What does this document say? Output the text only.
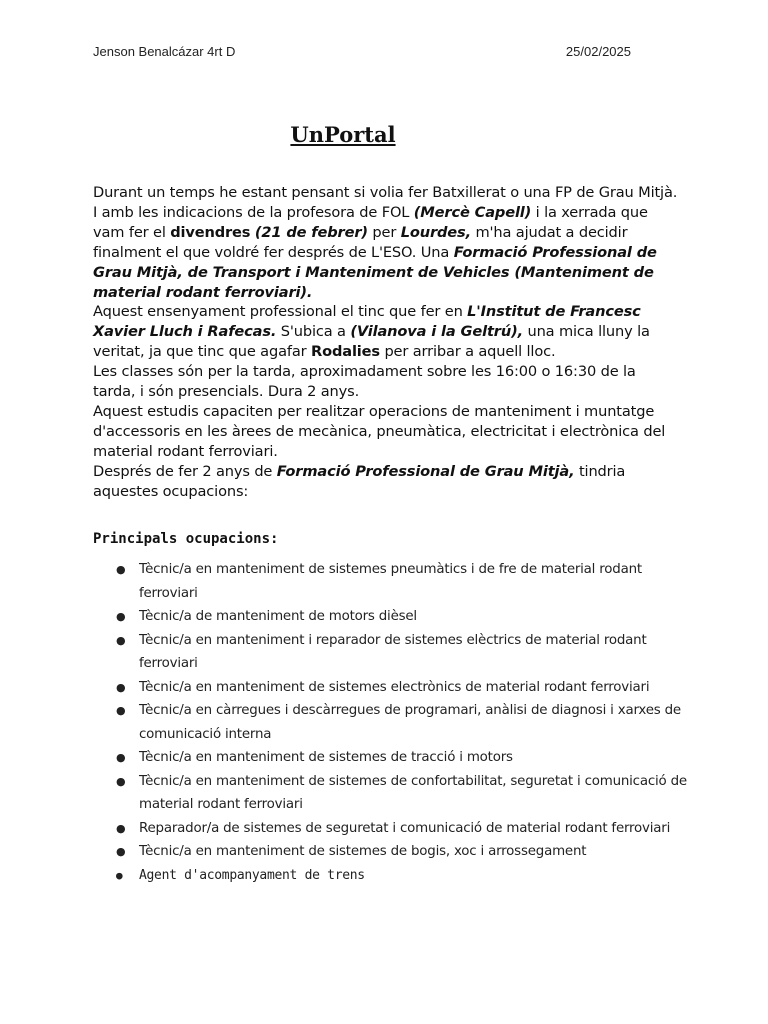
Jenson Benalcázar 4rt D	25/02/2025
UnPortal

Durant un temps he estant pensant si volia fer Batxillerat o una FP de Grau Mitjà. I amb les indicacions de la profesora de FOL (Mercè Capell) i la xerrada que vam fer el divendres (21 de febrer) per Lourdes, m'ha ajudat a decidir finalment el que voldré fer després de L'ESO. Una Formació Professional de Grau Mitjà, de Transport i Manteniment de Vehicles (Manteniment de material rodant ferroviari).

Aquest ensenyament professional el tinc que fer en L'Institut de Francesc Xavier Lluch i Rafecas. S'ubica a (Vilanova i la Geltrú), una mica lluny la veritat, ja que tinc que agafar Rodalies per arribar a aquell lloc.

Les classes són per la tarda, aproximadament sobre les 16:00 o 16:30 de la tarda, i són presencials. Dura 2 anys.

Aquest estudis capaciten per realitzar operacions de manteniment i muntatge d'accessoris en les àrees de mecànica, pneumàtica, electricitat i electrònica del material rodant ferroviari.

Després de fer 2 anys de Formació Professional de Grau Mitjà, tindria aquestes ocupacions:

Principals ocupacions:
● Tècnic/a en manteniment de sistemes pneumàtics i de fre de material rodant ferroviari
● Tècnic/a de manteniment de motors dièsel
● Tècnic/a en manteniment i reparador de sistemes elèctrics de material rodant ferroviari
● Tècnic/a en manteniment de sistemes electrònics de material rodant ferroviari
● Tècnic/a en càrregues i descàrregues de programari, anàlisi de diagnosi i xarxes de comunicació interna
● Tècnic/a en manteniment de sistemes de tracció i motors
● Tècnic/a en manteniment de sistemes de confortabilitat, seguretat i comunicació de material rodant ferroviari
● Reparador/a de sistemes de seguretat i comunicació de material rodant ferroviari
● Tècnic/a en manteniment de sistemes de bogis, xoc i arrossegament
● Agent d'acompanyament de trens
